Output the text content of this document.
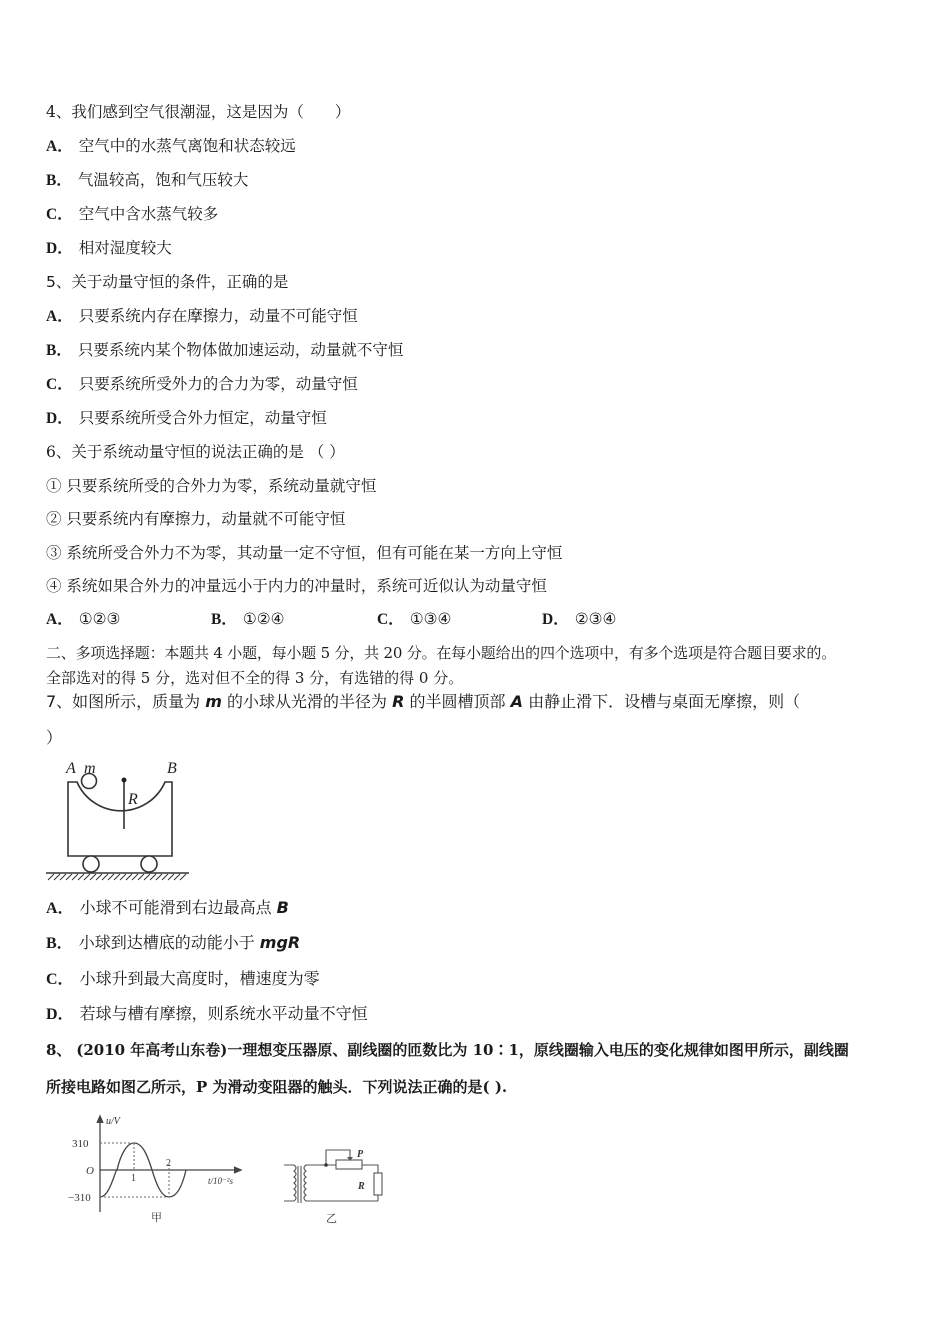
4、我们感到空气很潮湿，这是因为（　　）
A． 空气中的水蒸气离饱和状态较远
B． 气温较高，饱和气压较大
C． 空气中含水蒸气较多
D． 相对湿度较大
5、关于动量守恒的条件，正确的是
A． 只要系统内存在摩擦力，动量不可能守恒
B． 只要系统内某个物体做加速运动，动量就不守恒
C． 只要系统所受外力的合力为零，动量守恒
D． 只要系统所受合外力恒定，动量守恒
6、关于系统动量守恒的说法正确的是 （ ）
① 只要系统所受的合外力为零，系统动量就守恒
② 只要系统内有摩擦力，动量就不可能守恒
③ 系统所受合外力不为零，其动量一定不守恒，但有可能在某一方向上守恒
④ 系统如果合外力的冲量远小于内力的冲量时，系统可近似认为动量守恒
A． ①②③	B． ①②④	C． ①③④	D． ②③④
二、多项选择题：本题共 4 小题，每小题 5 分，共 20 分。在每小题给出的四个选项中，有多个选项是符合题目要求的。
全部选对的得 5 分，选对但不全的得 3 分，有选错的得 0 分。
7、如图所示，质量为 m 的小球从光滑的半径为 R 的半圆槽顶部 A 由静止滑下．设槽与桌面无摩擦，则（
）
A m	B
R
A． 小球不可能滑到右边最高点 B
B． 小球到达槽底的动能小于 mgR
C． 小球升到最大高度时，槽速度为零
D． 若球与槽有摩擦，则系统水平动量不守恒
8、 (2010 年高考山东卷)一理想变压器原、副线圈的匝数比为 10∶1，原线圈输入电压的变化规律如图甲所示，副线圈
所接电路如图乙所示，P 为滑动变阻器的触头．下列说法正确的是( ).
u/V
310
O
−310
1
2
t/10⁻²s
甲
P
R
乙
